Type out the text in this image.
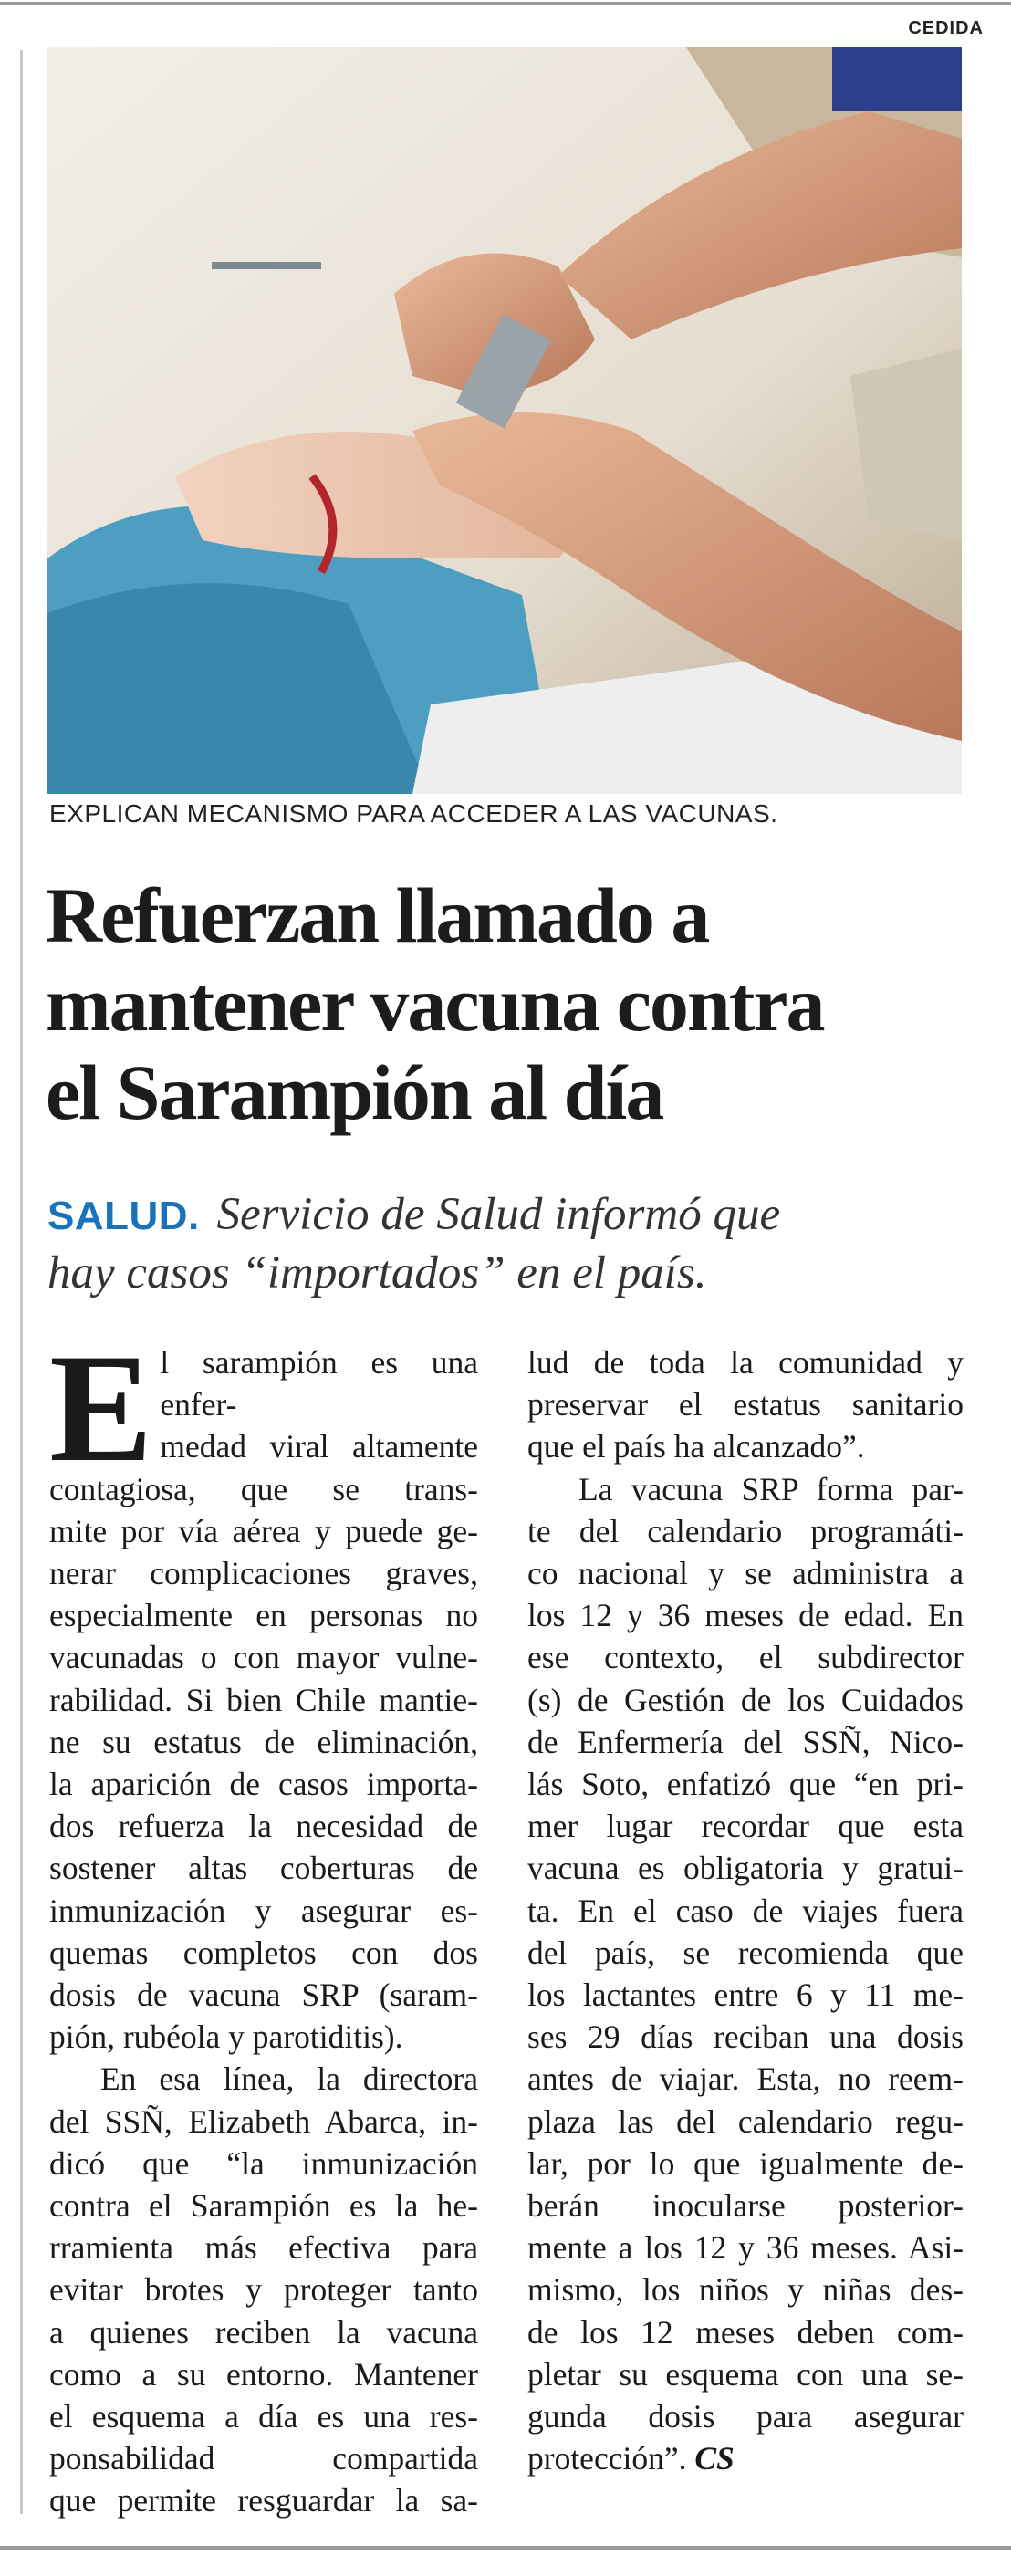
CEDIDA
EXPLICAN MECANISMO PARA ACCEDER A LAS VACUNAS.
Refuerzan llamado a
mantener vacuna contra
el Sarampión al día
SALUD. Servicio de Salud informó que
hay casos “importados” en el país.
E l sarampión es una enfer-
medad viral altamente
contagiosa, que se trans-
mite por vía aérea y puede ge-
nerar complicaciones graves,
especialmente en personas no
vacunadas o con mayor vulne-
rabilidad. Si bien Chile mantie-
ne su estatus de eliminación,
la aparición de casos importa-
dos refuerza la necesidad de
sostener altas coberturas de
inmunización y asegurar es-
quemas completos con dos
dosis de vacuna SRP (saram-
pión, rubéola y parotiditis).
En esa línea, la directora
del SSÑ, Elizabeth Abarca, in-
dicó que “la inmunización
contra el Sarampión es la he-
rramienta más efectiva para
evitar brotes y proteger tanto
a quienes reciben la vacuna
como a su entorno. Mantener
el esquema a día es una res-
ponsabilidad compartida
que permite resguardar la sa-
lud de toda la comunidad y
preservar el estatus sanitario
que el país ha alcanzado”.
La vacuna SRP forma par-
te del calendario programáti-
co nacional y se administra a
los 12 y 36 meses de edad. En
ese contexto, el subdirector
(s) de Gestión de los Cuidados
de Enfermería del SSÑ, Nico-
lás Soto, enfatizó que “en pri-
mer lugar recordar que esta
vacuna es obligatoria y gratui-
ta. En el caso de viajes fuera
del país, se recomienda que
los lactantes entre 6 y 11 me-
ses 29 días reciban una dosis
antes de viajar. Esta, no reem-
plaza las del calendario regu-
lar, por lo que igualmente de-
berán inocularse posterior-
mente a los 12 y 36 meses. Asi-
mismo, los niños y niñas des-
de los 12 meses deben com-
pletar su esquema con una se-
gunda dosis para asegurar
protección”. CS
